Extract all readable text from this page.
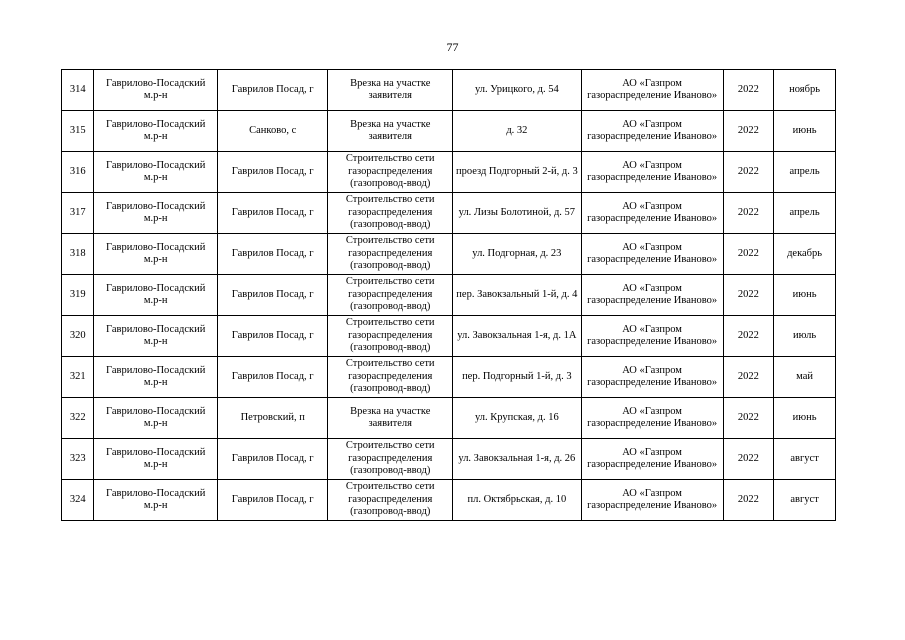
77
314	Гаврилово-Посадский м.р-н	Гаврилов Посад, г	Врезка на участке заявителя	ул. Урицкого, д. 54	АО «Газпром газораспределение Иваново»	2022	ноябрь
315	Гаврилово-Посадский м.р-н	Санково, с	Врезка на участке заявителя	д. 32	АО «Газпром газораспределение Иваново»	2022	июнь
316	Гаврилово-Посадский м.р-н	Гаврилов Посад, г	Строительство сети газораспределения (газопровод-ввод)	проезд Подгорный 2-й, д. 3	АО «Газпром газораспределение Иваново»	2022	апрель
317	Гаврилово-Посадский м.р-н	Гаврилов Посад, г	Строительство сети газораспределения (газопровод-ввод)	ул. Лизы Болотиной, д. 57	АО «Газпром газораспределение Иваново»	2022	апрель
318	Гаврилово-Посадский м.р-н	Гаврилов Посад, г	Строительство сети газораспределения (газопровод-ввод)	ул. Подгорная, д. 23	АО «Газпром газораспределение Иваново»	2022	декабрь
319	Гаврилово-Посадский м.р-н	Гаврилов Посад, г	Строительство сети газораспределения (газопровод-ввод)	пер. Завокзальный 1-й, д. 4	АО «Газпром газораспределение Иваново»	2022	июнь
320	Гаврилово-Посадский м.р-н	Гаврилов Посад, г	Строительство сети газораспределения (газопровод-ввод)	ул. Завокзальная 1-я, д. 1А	АО «Газпром газораспределение Иваново»	2022	июль
321	Гаврилово-Посадский м.р-н	Гаврилов Посад, г	Строительство сети газораспределения (газопровод-ввод)	пер. Подгорный 1-й, д. 3	АО «Газпром газораспределение Иваново»	2022	май
322	Гаврилово-Посадский м.р-н	Петровский, п	Врезка на участке заявителя	ул. Крупская, д. 16	АО «Газпром газораспределение Иваново»	2022	июнь
323	Гаврилово-Посадский м.р-н	Гаврилов Посад, г	Строительство сети газораспределения (газопровод-ввод)	ул. Завокзальная 1-я, д. 26	АО «Газпром газораспределение Иваново»	2022	август
324	Гаврилово-Посадский м.р-н	Гаврилов Посад, г	Строительство сети газораспределения (газопровод-ввод)	пл. Октябрьская, д. 10	АО «Газпром газораспределение Иваново»	2022	август
